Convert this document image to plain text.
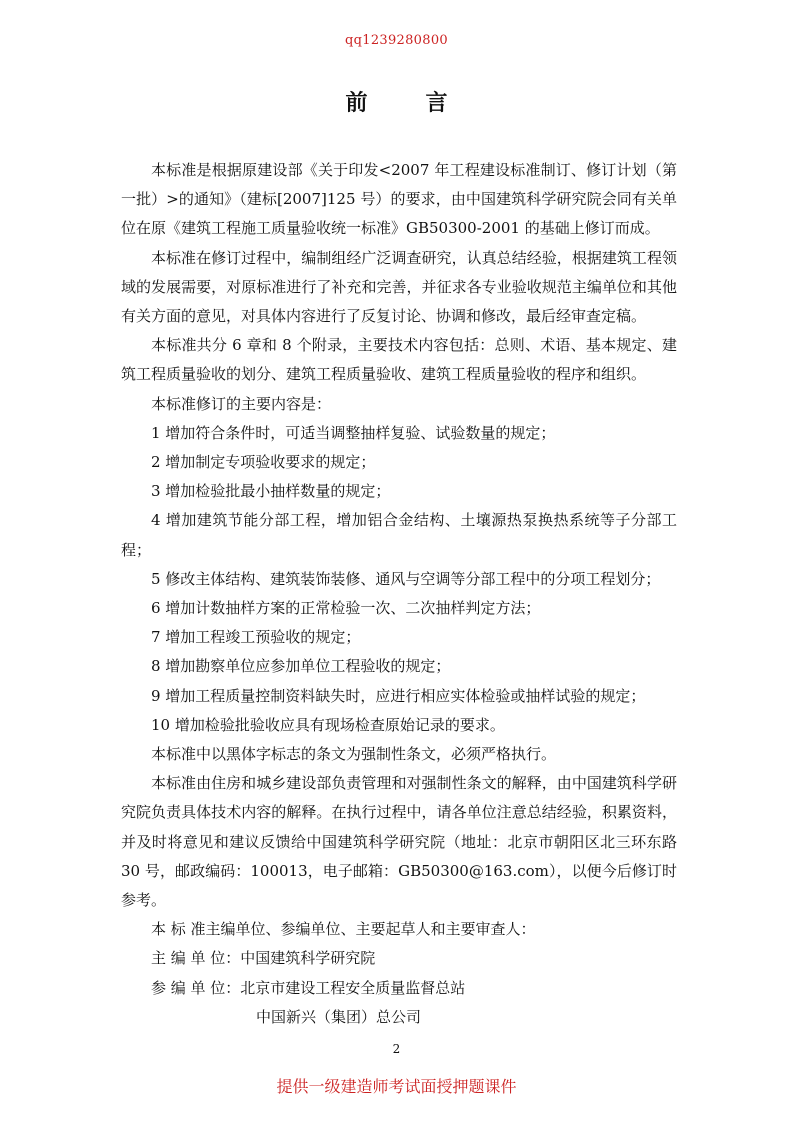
qq1239280800
前　言

本标准是根据原建设部《关于印发<2007 年工程建设标准制订、修订计划（第一批）>的通知》（建标[2007]125 号）的要求，由中国建筑科学研究院会同有关单位在原《建筑工程施工质量验收统一标准》GB50300-2001 的基础上修订而成。

本标准在修订过程中，编制组经广泛调查研究，认真总结经验，根据建筑工程领域的发展需要，对原标准进行了补充和完善，并征求各专业验收规范主编单位和其他有关方面的意见，对具体内容进行了反复讨论、协调和修改，最后经审查定稿。

本标准共分 6 章和 8 个附录，主要技术内容包括：总则、术语、基本规定、建筑工程质量验收的划分、建筑工程质量验收、建筑工程质量验收的程序和组织。

本标准修订的主要内容是：

1 增加符合条件时，可适当调整抽样复验、试验数量的规定；

2 增加制定专项验收要求的规定；

3 增加检验批最小抽样数量的规定；

4 增加建筑节能分部工程，增加铝合金结构、土壤源热泵换热系统等子分部工程；

5 修改主体结构、建筑装饰装修、通风与空调等分部工程中的分项工程划分；

6 增加计数抽样方案的正常检验一次、二次抽样判定方法；

7 增加工程竣工预验收的规定；

8 增加勘察单位应参加单位工程验收的规定；

9 增加工程质量控制资料缺失时，应进行相应实体检验或抽样试验的规定；

10 增加检验批验收应具有现场检查原始记录的要求。

本标准中以黑体字标志的条文为强制性条文，必须严格执行。

本标准由住房和城乡建设部负责管理和对强制性条文的解释，由中国建筑科学研究院负责具体技术内容的解释。在执行过程中，请各单位注意总结经验，积累资料，并及时将意见和建议反馈给中国建筑科学研究院（地址：北京市朝阳区北三环东路 30 号，邮政编码：100013，电子邮箱：GB50300@163.com），以便今后修订时参考。

本 标 准主编单位、参编单位、主要起草人和主要审查人：

主 编 单 位：中国建筑科学研究院

参 编 单 位：北京市建设工程安全质量监督总站

中国新兴（集团）总公司

2
提供一级建造师考试面授押题课件
